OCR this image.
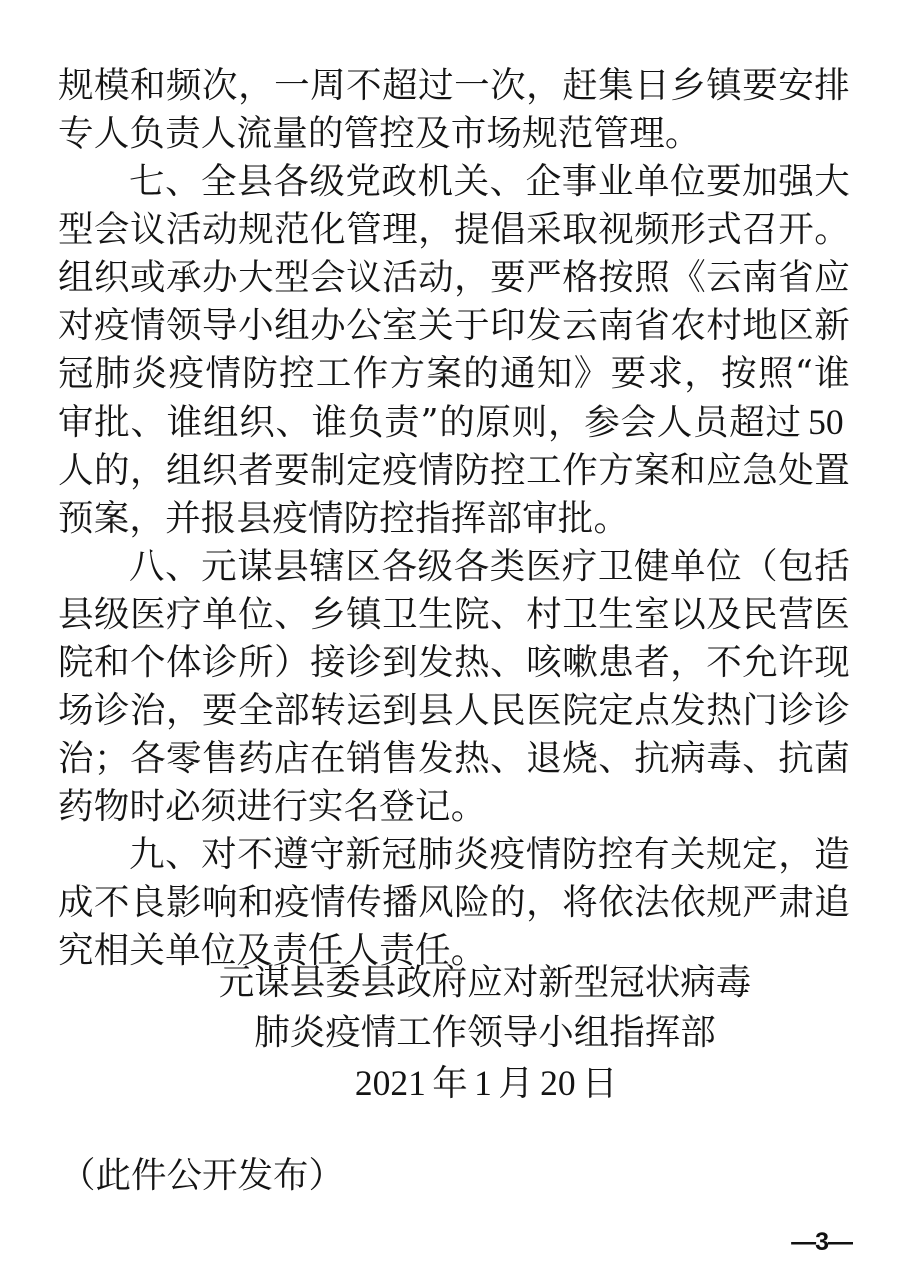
规模和频次，一周不超过一次，赶集日乡镇要安排专人负责人流量的管控及市场规范管理。

七、全县各级党政机关、企事业单位要加强大型会议活动规范化管理，提倡采取视频形式召开。组织或承办大型会议活动，要严格按照《云南省应对疫情领导小组办公室关于印发云南省农村地区新冠肺炎疫情防控工作方案的通知》要求，按照“谁审批、谁组织、谁负责”的原则，参会人员超过 50人的，组织者要制定疫情防控工作方案和应急处置预案，并报县疫情防控指挥部审批。

八、元谋县辖区各级各类医疗卫健单位（包括县级医疗单位、乡镇卫生院、村卫生室以及民营医院和个体诊所）接诊到发热、咳嗽患者，不允许现场诊治，要全部转运到县人民医院定点发热门诊诊治；各零售药店在销售发热、退烧、抗病毒、抗菌药物时必须进行实名登记。

九、对不遵守新冠肺炎疫情防控有关规定，造成不良影响和疫情传播风险的，将依法依规严肃追究相关单位及责任人责任。

元谋县委县政府应对新型冠状病毒
肺炎疫情工作领导小组指挥部
2021 年 1 月 20 日
（此件公开发布）
—3—
